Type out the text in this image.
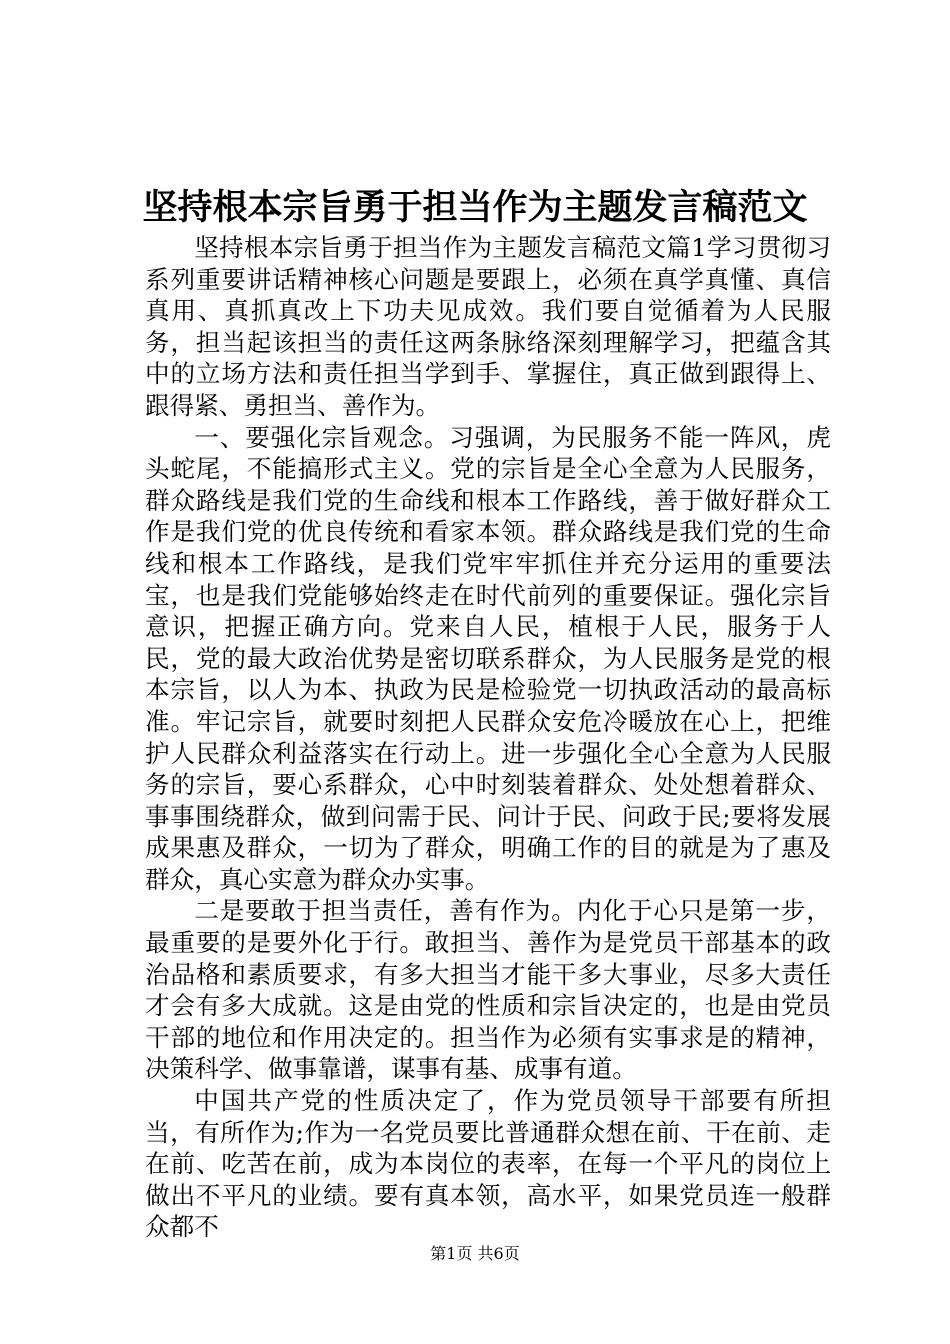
坚持根本宗旨勇于担当作为主题发言稿范文

坚持根本宗旨勇于担当作为主题发言稿范文篇1学习贯彻习系列重要讲话精神核心问题是要跟上，必须在真学真懂、真信真用、真抓真改上下功夫见成效。我们要自觉循着为人民服务，担当起该担当的责任这两条脉络深刻理解学习，把蕴含其中的立场方法和责任担当学到手、掌握住，真正做到跟得上、跟得紧、勇担当、善作为。

一、要强化宗旨观念。习强调，为民服务不能一阵风，虎头蛇尾，不能搞形式主义。党的宗旨是全心全意为人民服务，群众路线是我们党的生命线和根本工作路线，善于做好群众工作是我们党的优良传统和看家本领。群众路线是我们党的生命线和根本工作路线，是我们党牢牢抓住并充分运用的重要法宝，也是我们党能够始终走在时代前列的重要保证。强化宗旨意识，把握正确方向。党来自人民，植根于人民，服务于人民，党的最大政治优势是密切联系群众，为人民服务是党的根本宗旨，以人为本、执政为民是检验党一切执政活动的最高标准。牢记宗旨，就要时刻把人民群众安危冷暖放在心上，把维护人民群众利益落实在行动上。进一步强化全心全意为人民服务的宗旨，要心系群众，心中时刻装着群众、处处想着群众、事事围绕群众，做到问需于民、问计于民、问政于民;要将发展成果惠及群众，一切为了群众，明确工作的目的就是为了惠及群众，真心实意为群众办实事。

二是要敢于担当责任，善有作为。内化于心只是第一步，最重要的是要外化于行。敢担当、善作为是党员干部基本的政治品格和素质要求，有多大担当才能干多大事业，尽多大责任才会有多大成就。这是由党的性质和宗旨决定的，也是由党员干部的地位和作用决定的。担当作为必须有实事求是的精神，决策科学、做事靠谱，谋事有基、成事有道。

中国共产党的性质决定了，作为党员领导干部要有所担当，有所作为;作为一名党员要比普通群众想在前、干在前、走在前、吃苦在前，成为本岗位的表率，在每一个平凡的岗位上做出不平凡的业绩。要有真本领，高水平，如果党员连一般群众都不

第1页 共6页
